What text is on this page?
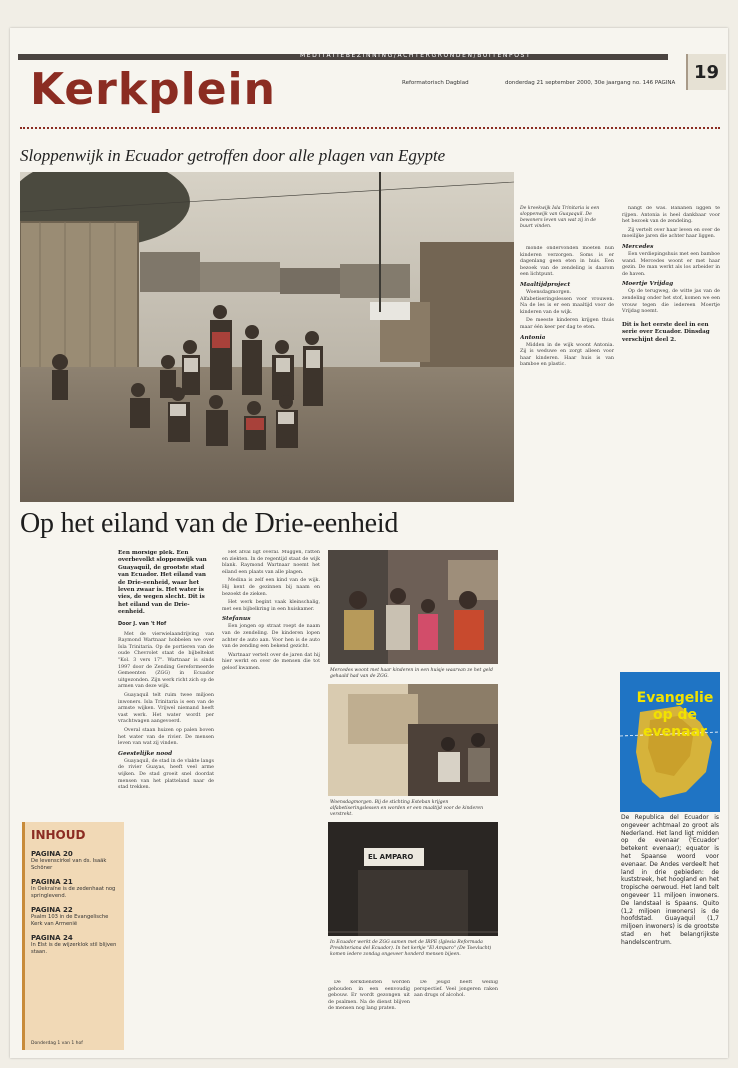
MEDITATIEBEZINNING/ACHTERGRONDEN/BUITENPOST
Kerkplein	Reformatorisch Dagblad	donderdag 21 september 2000, 30e jaargang no. 146 PAGINA 19
Sloppenwijk in Ecuador getroffen door alle plagen van Egypte
De kreekwijk Isla Trinitaria is een sloppenwijk van Guayaquil. De bewoners leven van wat zij in de buurt vinden.
Op het eiland van de Drie-eenheid
Een morsige plek. Een overbevolkt sloppenwijk van Guayaquil, de grootste stad van Ecuador. Het eiland van de Drie-eenheid, waar het leven zwaar is. Het water is vies, de wegen slecht. Dit is het eiland van de Drie-eenheid.
Door J. van 't Hof

Met de vierwielaandrijving van Raymond Wartnaar hobbelen we over Isla Trinitaria. Op de portieren van de oude Chevrolet staat de bijbeltekst "Kol. 3 vers 17". Wartnaar is sinds 1997 door de Zending Gereformeerde Gemeenten (ZGG) in Ecuador uitgezonden. Zijn werk richt zich op de armen van deze wijk.

Guayaquil telt ruim twee miljoen inwoners. Isla Trinitaria is een van de armste wijken. Vrijwel niemand heeft vast werk. Het water wordt per vrachtwagen aangevoerd.

Overal staan huizen op palen boven het water van de rivier. De mensen leven van wat zij vinden.

Geestelijke nood

Guayaquil, de stad in de vlakte langs de rivier Guayas, heeft veel arme wijken. De stad groeit snel doordat mensen van het platteland naar de stad trekken.

Het afval ligt overal. Muggen, ratten en ziekten. In de regentijd staat de wijk blank. Raymond Wartnaar noemt het eiland een plaats van alle plagen.

Medina is zelf een kind van de wijk. Hij kent de gezinnen bij naam en bezoekt de zieken.

Het werk begint vaak kleinschalig, met een bijbelkring in een huiskamer.

Stefanus

Een jongen op straat roept de naam van de zendeling. De kinderen lopen achter de auto aan. Voor hen is de auto van de zending een bekend gezicht.

Wartnaar vertelt over de jaren dat hij hier werkt en over de mensen die tot geloof kwamen.	Mercedes woont met haar kinderen in een huisje waarvan ze het geld gehaald had van de ZGG.
Woensdagmorgen. Bij de stichting Esteban krijgen alfabetiseringslessen en worden er een maaltijd voor de kinderen verstrekt.
EL AMPARO
In Ecuador werkt de ZGG samen met de IRPE (Iglesia Reformada Presbiteriana del Ecuador). In het kerkje "El Amparo" (De Toevlucht) komen iedere zondag ongeveer honderd mensen bijeen.

De kerkdiensten worden gehouden in een eenvoudig gebouw. Er wordt gezongen uit de psalmen. Na de dienst blijven de mensen nog lang praten.

De jeugd heeft weinig perspectief. Veel jongeren raken aan drugs of alcohol.

monde ondervonden moeten hun kinderen verzorgen. Soms is er dagenlang geen eten in huis. Een bezoek van de zendeling is daarom een lichtpunt.

Maaltijdproject

Woensdagmorgen. Alfabetiseringslessen voor vrouwen. Na de les is er een maaltijd voor de kinderen van de wijk.

De meeste kinderen krijgen thuis maar één keer per dag te eten.

Antonia

Midden in de wijk woont Antonia. Zij is weduwe en zorgt alleen voor haar kinderen. Haar huis is van bamboe en plastic.

hangt de was. Bananen liggen te rijpen. Antonia is heel dankbaar voor het bezoek van de zendeling.

Zij vertelt over haar leven en over de moeilijke jaren die achter haar liggen.

Mercedes

Een verdiepingshuis met een bamboe wand. Mercedes woont er met haar gezin. De man werkt als los arbeider in de haven.

Moertje Vrijdag

Op de terugweg, de witte jas van de zendeling onder het stof, komen we een vrouw tegen die iedereen Moertje Vrijdag noemt.

Dit is het eerste deel in een serie over Ecuador. Dinsdag verschijnt deel 2.
INHOUD
PAGINA 20
De levenscirkel van ds. Isaäk Schöner
PAGINA 21
In Oekraïne is de zedenhaat nog springlevend.
PAGINA 22
Psalm 103 in de Evangelische Kerk van Armenië
PAGINA 24
In Elst is de wijzerklok stil blijven staan.
Donderdag 1 van 1 hof
Evangelie
op de
evenaar
De Republica del Ecuador is ongeveer achtmaal zo groot als Nederland. Het land ligt midden op de evenaar ('Ecuador' betekent evenaar); equator is het Spaanse woord voor evenaar. De Andes verdeelt het land in drie gebieden: de kuststreek, het hoogland en het tropische oerwoud. Het land telt ongeveer 11 miljoen inwoners. De landstaal is Spaans. Quito (1,2 miljoen inwoners) is de hoofdstad. Guayaquil (1,7 miljoen inwoners) is de grootste stad en het belangrijkste handelscentrum.
